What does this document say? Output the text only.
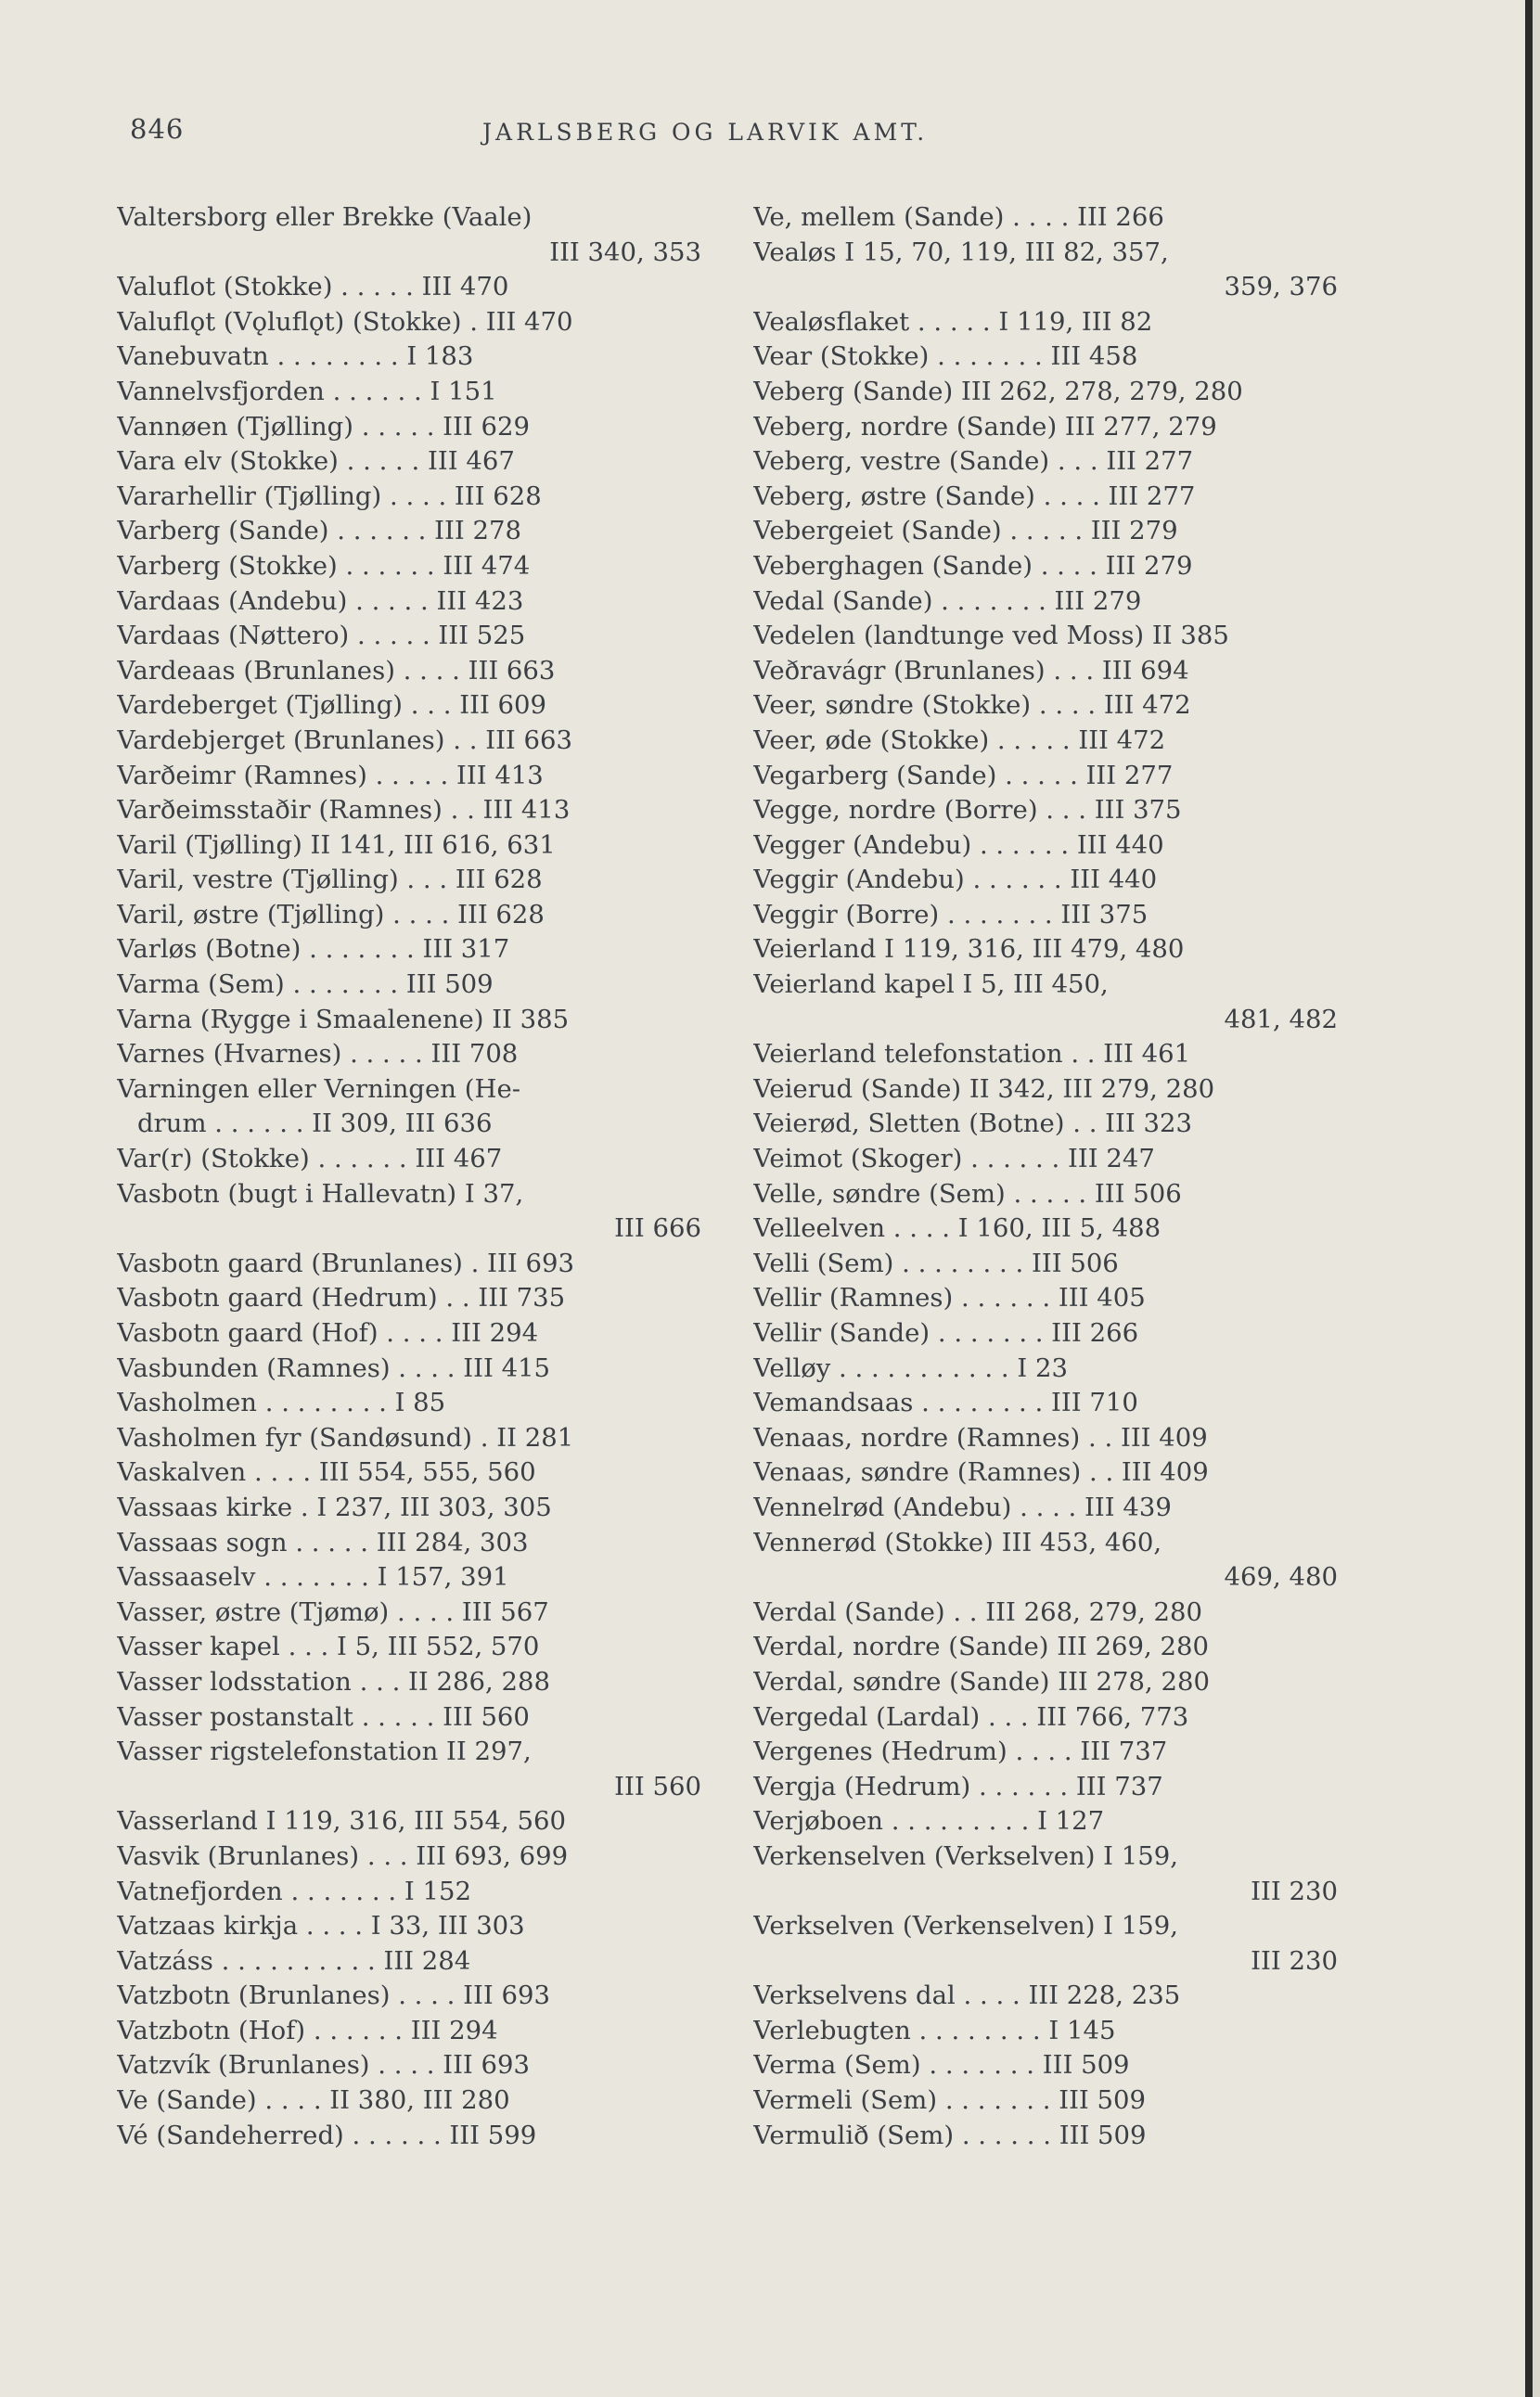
846	JARLSBERG OG LARVIK AMT.
Valtersborg eller Brekke (Vaale)
III 340, 353
Valuflot (Stokke) . . . . . III 470
Valuflǫt (Vǫluflǫt) (Stokke) . III 470
Vanebuvatn . . . . . . . . I 183
Vannelvsfjorden . . . . . . I 151
Vannøen (Tjølling) . . . . . III 629
Vara elv (Stokke) . . . . . III 467
Vararhellir (Tjølling) . . . . III 628
Varberg (Sande) . . . . . . III 278
Varberg (Stokke) . . . . . . III 474
Vardaas (Andebu) . . . . . III 423
Vardaas (Nøttero) . . . . . III 525
Vardeaas (Brunlanes) . . . . III 663
Vardeberget (Tjølling) . . . III 609
Vardebjerget (Brunlanes) . . III 663
Varðeimr (Ramnes) . . . . . III 413
Varðeimsstaðir (Ramnes) . . III 413
Varil (Tjølling) II 141, III 616, 631
Varil, vestre (Tjølling) . . . III 628
Varil, østre (Tjølling) . . . . III 628
Varløs (Botne) . . . . . . . III 317
Varma (Sem) . . . . . . . III 509
Varna (Rygge i Smaalenene) II 385
Varnes (Hvarnes) . . . . . III 708
Varningen eller Verningen (He-
drum . . . . . . II 309, III 636
Var(r) (Stokke) . . . . . . III 467
Vasbotn (bugt i Hallevatn) I 37,
III 666
Vasbotn gaard (Brunlanes) . III 693
Vasbotn gaard (Hedrum) . . III 735
Vasbotn gaard (Hof) . . . . III 294
Vasbunden (Ramnes) . . . . III 415
Vasholmen . . . . . . . . I 85
Vasholmen fyr (Sandøsund) . II 281
Vaskalven . . . . III 554, 555, 560
Vassaas kirke . I 237, III 303, 305
Vassaas sogn . . . . . III 284, 303
Vassaaselv . . . . . . . I 157, 391
Vasser, østre (Tjømø) . . . . III 567
Vasser kapel . . . I 5, III 552, 570
Vasser lodsstation . . . II 286, 288
Vasser postanstalt . . . . . III 560
Vasser rigstelefonstation II 297,
III 560
Vasserland I 119, 316, III 554, 560
Vasvik (Brunlanes) . . . III 693, 699
Vatnefjorden . . . . . . . I 152
Vatzaas kirkja . . . . I 33, III 303
Vatzáss . . . . . . . . . . III 284
Vatzbotn (Brunlanes) . . . . III 693
Vatzbotn (Hof) . . . . . . III 294
Vatzvík (Brunlanes) . . . . III 693
Ve (Sande) . . . . II 380, III 280
Vé (Sandeherred) . . . . . . III 599
Ve, mellem (Sande) . . . . III 266
Vealøs I 15, 70, 119, III 82, 357,
359, 376
Vealøsflaket . . . . . I 119, III 82
Vear (Stokke) . . . . . . . III 458
Veberg (Sande) III 262, 278, 279, 280
Veberg, nordre (Sande) III 277, 279
Veberg, vestre (Sande) . . . III 277
Veberg, østre (Sande) . . . . III 277
Vebergeiet (Sande) . . . . . III 279
Veberghagen (Sande) . . . . III 279
Vedal (Sande) . . . . . . . III 279
Vedelen (landtunge ved Moss) II 385
Veðravágr (Brunlanes) . . . III 694
Veer, søndre (Stokke) . . . . III 472
Veer, øde (Stokke) . . . . . III 472
Vegarberg (Sande) . . . . . III 277
Vegge, nordre (Borre) . . . III 375
Vegger (Andebu) . . . . . . III 440
Veggir (Andebu) . . . . . . III 440
Veggir (Borre) . . . . . . . III 375
Veierland I 119, 316, III 479, 480
Veierland kapel I 5, III 450,
481, 482
Veierland telefonstation . . III 461
Veierud (Sande) II 342, III 279, 280
Veierød, Sletten (Botne) . . III 323
Veimot (Skoger) . . . . . . III 247
Velle, søndre (Sem) . . . . . III 506
Velleelven . . . . I 160, III 5, 488
Velli (Sem) . . . . . . . . III 506
Vellir (Ramnes) . . . . . . III 405
Vellir (Sande) . . . . . . . III 266
Velløy . . . . . . . . . . . I 23
Vemandsaas . . . . . . . . III 710
Venaas, nordre (Ramnes) . . III 409
Venaas, søndre (Ramnes) . . III 409
Vennelrød (Andebu) . . . . III 439
Vennerød (Stokke) III 453, 460,
469, 480
Verdal (Sande) . . III 268, 279, 280
Verdal, nordre (Sande) III 269, 280
Verdal, søndre (Sande) III 278, 280
Vergedal (Lardal) . . . III 766, 773
Vergenes (Hedrum) . . . . III 737
Vergja (Hedrum) . . . . . . III 737
Verjøboen . . . . . . . . . I 127
Verkenselven (Verkselven) I 159,
III 230
Verkselven (Verkenselven) I 159,
III 230
Verkselvens dal . . . . III 228, 235
Verlebugten . . . . . . . . I 145
Verma (Sem) . . . . . . . III 509
Vermeli (Sem) . . . . . . . III 509
Vermulið (Sem) . . . . . . III 509
